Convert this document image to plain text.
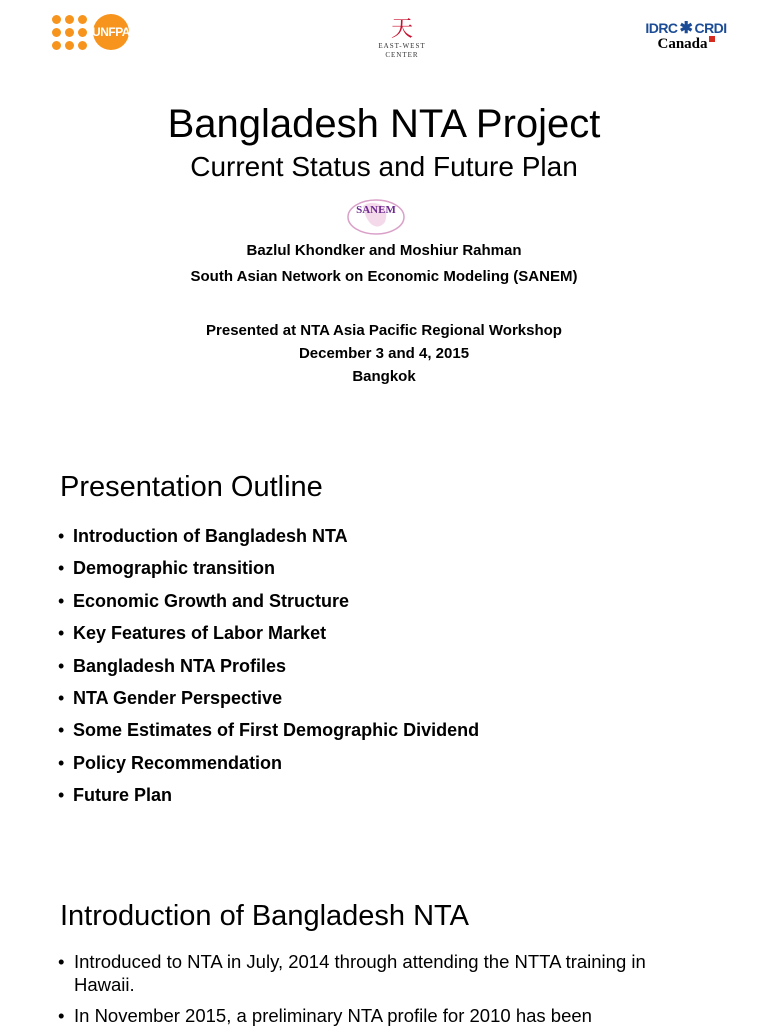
UNFPA	天
EAST-WEST
CENTER
IDRC ✱ CRDI
Canada
Bangladesh NTA Project
Current Status and Future Plan
SANEM
Bazlul Khondker and Moshiur Rahman
South Asian Network on Economic Modeling (SANEM)
Presented at NTA Asia Pacific Regional Workshop
December 3 and 4, 2015
Bangkok
Presentation Outline
• Introduction of Bangladesh NTA
• Demographic transition
• Economic Growth and Structure
• Key Features of Labor Market
• Bangladesh NTA Profiles
• NTA Gender Perspective
• Some Estimates of First Demographic Dividend
• Policy Recommendation
• Future Plan
Introduction of Bangladesh NTA
• Introduced to NTA in July, 2014 through attending the NTTA training in Hawaii.
• In November 2015, a preliminary NTA profile for 2010 has been
